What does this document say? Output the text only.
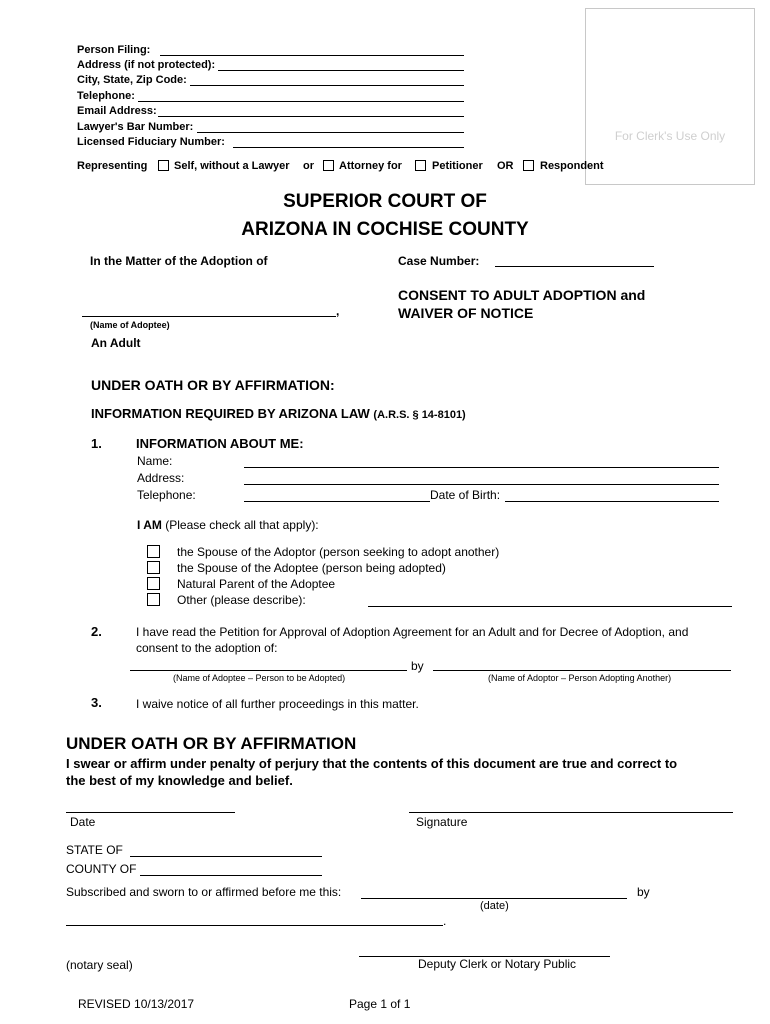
For Clerk's Use Only
Person Filing:
Address (if not protected):
City, State, Zip Code:
Telephone:
Email Address:
Lawyer's Bar Number:
Licensed Fiduciary Number:
Representing Self, without a Lawyer or Attorney for	Petitioner OR Respondent
SUPERIOR COURT OF
ARIZONA IN COCHISE COUNTY
In the Matter of the Adoption of	Case Number:
,
(Name of Adoptee)
An Adult
CONSENT TO ADULT ADOPTION and
WAIVER OF NOTICE
UNDER OATH OR BY AFFIRMATION:
INFORMATION REQUIRED BY ARIZONA LAW (A.R.S. § 14-8101)
1.	INFORMATION ABOUT ME:
Name:
Address:
Telephone:	Date of Birth:
I AM (Please check all that apply):
the Spouse of the Adoptor (person seeking to adopt another)
the Spouse of the Adoptee (person being adopted)
Natural Parent of the Adoptee
Other (please describe):
2.	I have read the Petition for Approval of Adoption Agreement for an Adult and for Decree of Adoption, and
consent to the adoption of:
by
(Name of Adoptee – Person to be Adopted)	(Name of Adoptor – Person Adopting Another)
3.	I waive notice of all further proceedings in this matter.
UNDER OATH OR BY AFFIRMATION
I swear or affirm under penalty of perjury that the contents of this document are true and correct to
the best of my knowledge and belief.
Date	Signature
STATE OF
COUNTY OF
Subscribed and sworn to or affirmed before me this:	by
(date)
.
(notary seal)	Deputy Clerk or Notary Public
REVISED 10/13/2017	Page 1 of 1
